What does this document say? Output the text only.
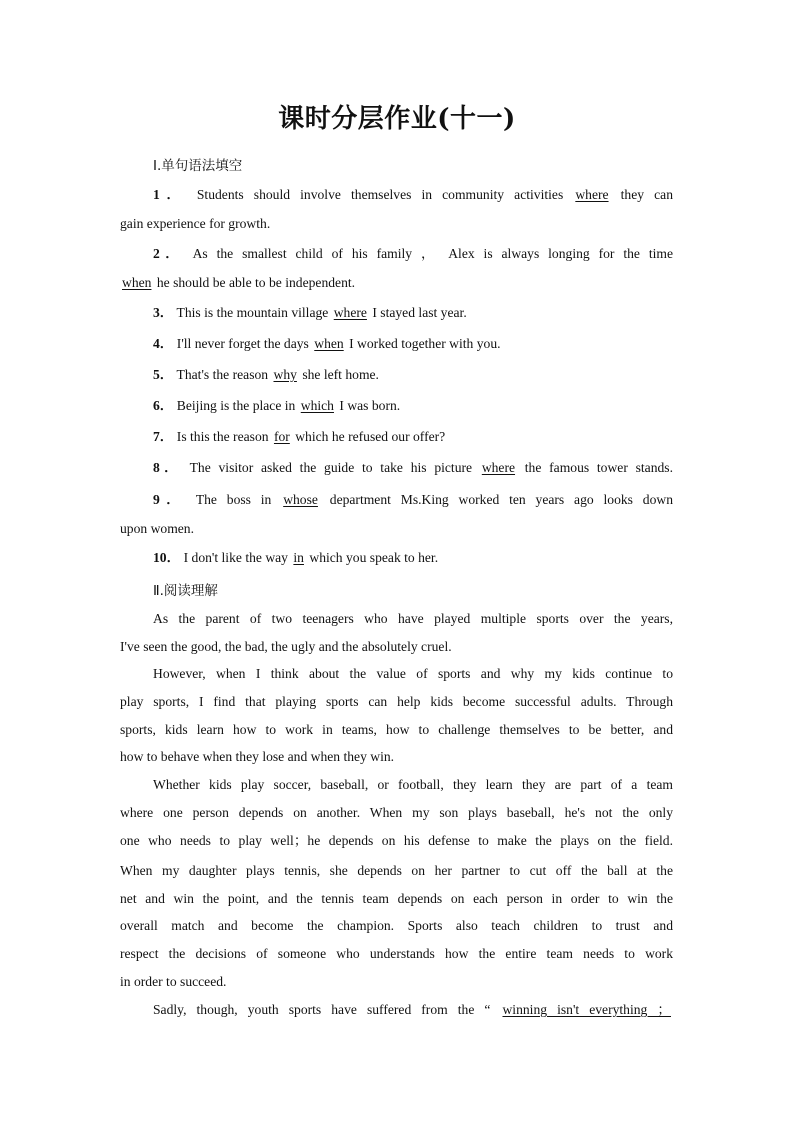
课时分层作业(十一)
Ⅰ.单句语法填空
1． Students should involve themselves in community activities where they can
gain experience for growth.
2． As the smallest child of his family ， Alex is always longing for the time
when he should be able to be independent.
3． This is the mountain village where I stayed last year.
4． I'll never forget the days when I worked together with you.
5． That's the reason why she left home.
6． Beijing is the place in which I was born.
7． Is this the reason for which he refused our offer?
8． The visitor asked the guide to take his picture where the famous tower stands.
9． The boss in whose department Ms.King worked ten years ago looks down
upon women.
10． I don't like the way in which you speak to her.
Ⅱ.阅读理解
As the parent of two teenagers who have played multiple sports over the years,
I've seen the good, the bad, the ugly and the absolutely cruel.
However, when I think about the value of sports and why my kids continue to
play sports, I find that playing sports can help kids become successful adults. Through
sports, kids learn how to work in teams, how to challenge themselves to be better, and
how to behave when they lose and when they win.
Whether kids play soccer, baseball, or football, they learn they are part of a team
where one person depends on another. When my son plays baseball, he's not the only
one who needs to play well；he depends on his defense to make the plays on the field.
When my daughter plays tennis, she depends on her partner to cut off the ball at the
net and win the point, and the tennis team depends on each person in order to win the
overall match and become the champion. Sports also teach children to trust and
respect the decisions of someone who understands how the entire team needs to work
in order to succeed.
Sadly, though, youth sports have suffered from the “ winning isn't everything ；
